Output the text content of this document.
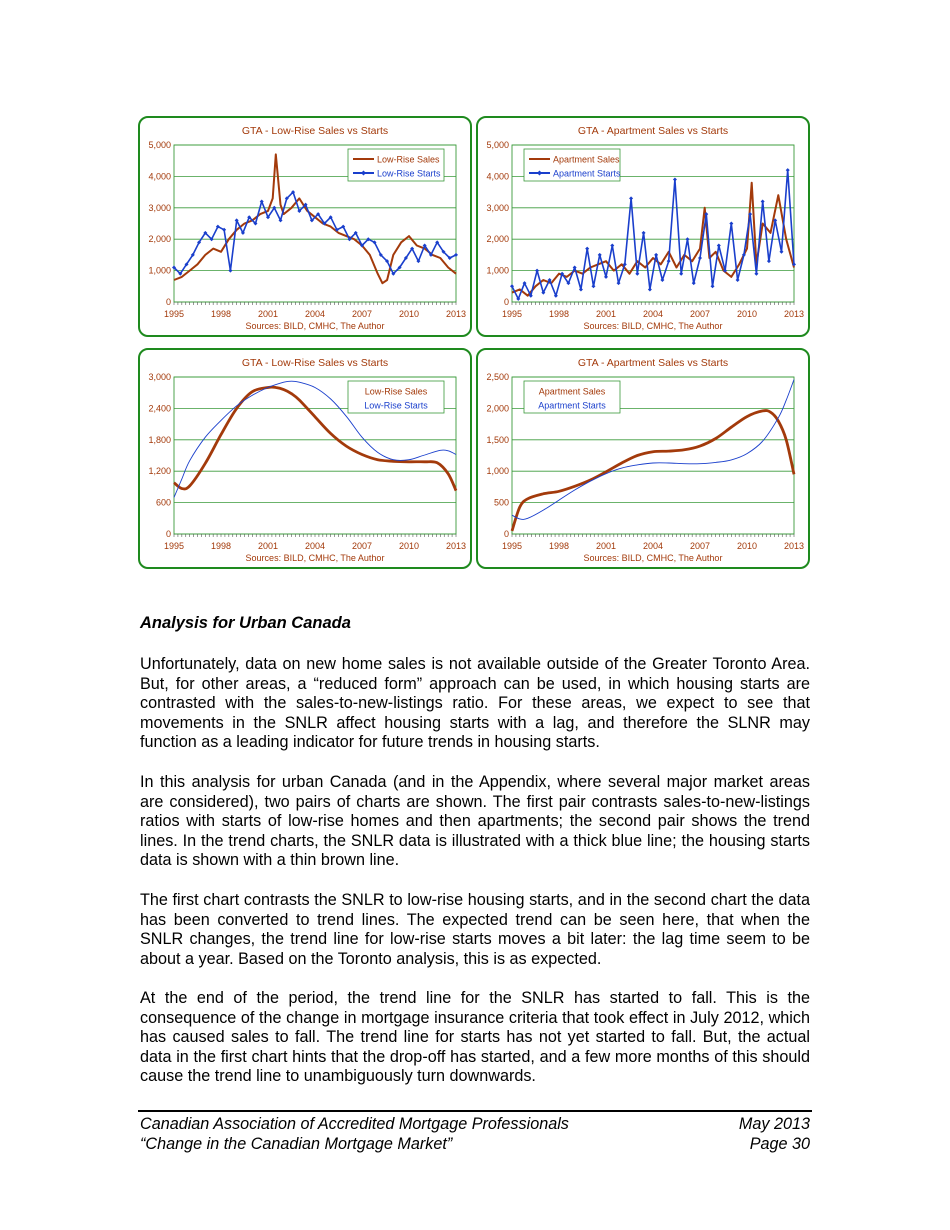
GTA - Low-Rise Sales vs Starts
5,000
4,000
3,000
2,000
1,000
0
1995	1998	2001	2004	2007	2010	2013
Sources: BILD, CMHC, The Author
Low-Rise Sales
Low-Rise Starts
GTA - Apartment Sales vs Starts
5,000
4,000
3,000
2,000
1,000
0
1995	1998	2001	2004	2007	2010	2013
Sources: BILD, CMHC, The Author
Apartment Sales
Apartment Starts
GTA - Low-Rise Sales vs Starts
3,000
2,400
1,800
1,200
600
0
1995	1998	2001	2004	2007	2010	2013
Sources: BILD, CMHC, The Author
Low-Rise Sales
Low-Rise Starts
GTA - Apartment Sales vs Starts
2,500
2,000
1,500
1,000
500
0
1995	1998	2001	2004	2007	2010	2013
Sources: BILD, CMHC, The Author
Apartment Sales
Apartment Starts
Analysis for Urban Canada

Unfortunately, data on new home sales is not available outside of the Greater Toronto Area. But, for other areas, a “reduced form” approach can be used, in which housing starts are contrasted with the sales-to-new-listings ratio. For these areas, we expect to see that movements in the SNLR affect housing starts with a lag, and therefore the SLNR may function as a leading indicator for future trends in housing starts.

In this analysis for urban Canada (and in the Appendix, where several major market areas are considered), two pairs of charts are shown. The first pair contrasts sales-to-new-listings ratios with starts of low-rise homes and then apartments; the second pair shows the trend lines. In the trend charts, the SNLR data is illustrated with a thick blue line; the housing starts data is shown with a thin brown line.

The first chart contrasts the SNLR to low-rise housing starts, and in the second chart the data has been converted to trend lines. The expected trend can be seen here, that when the SNLR changes, the trend line for low-rise starts moves a bit later: the lag time seem to be about a year. Based on the Toronto analysis, this is as expected.

At the end of the period, the trend line for the SNLR has started to fall. This is the consequence of the change in mortgage insurance criteria that took effect in July 2012, which has caused sales to fall. The trend line for starts has not yet started to fall. But, the actual data in the first chart hints that the drop-off has started, and a few more months of this should cause the trend line to unambiguously turn downwards.

Canadian Association of Accredited Mortgage Professionals	May 2013
“Change in the Canadian Mortgage Market”	Page 30
